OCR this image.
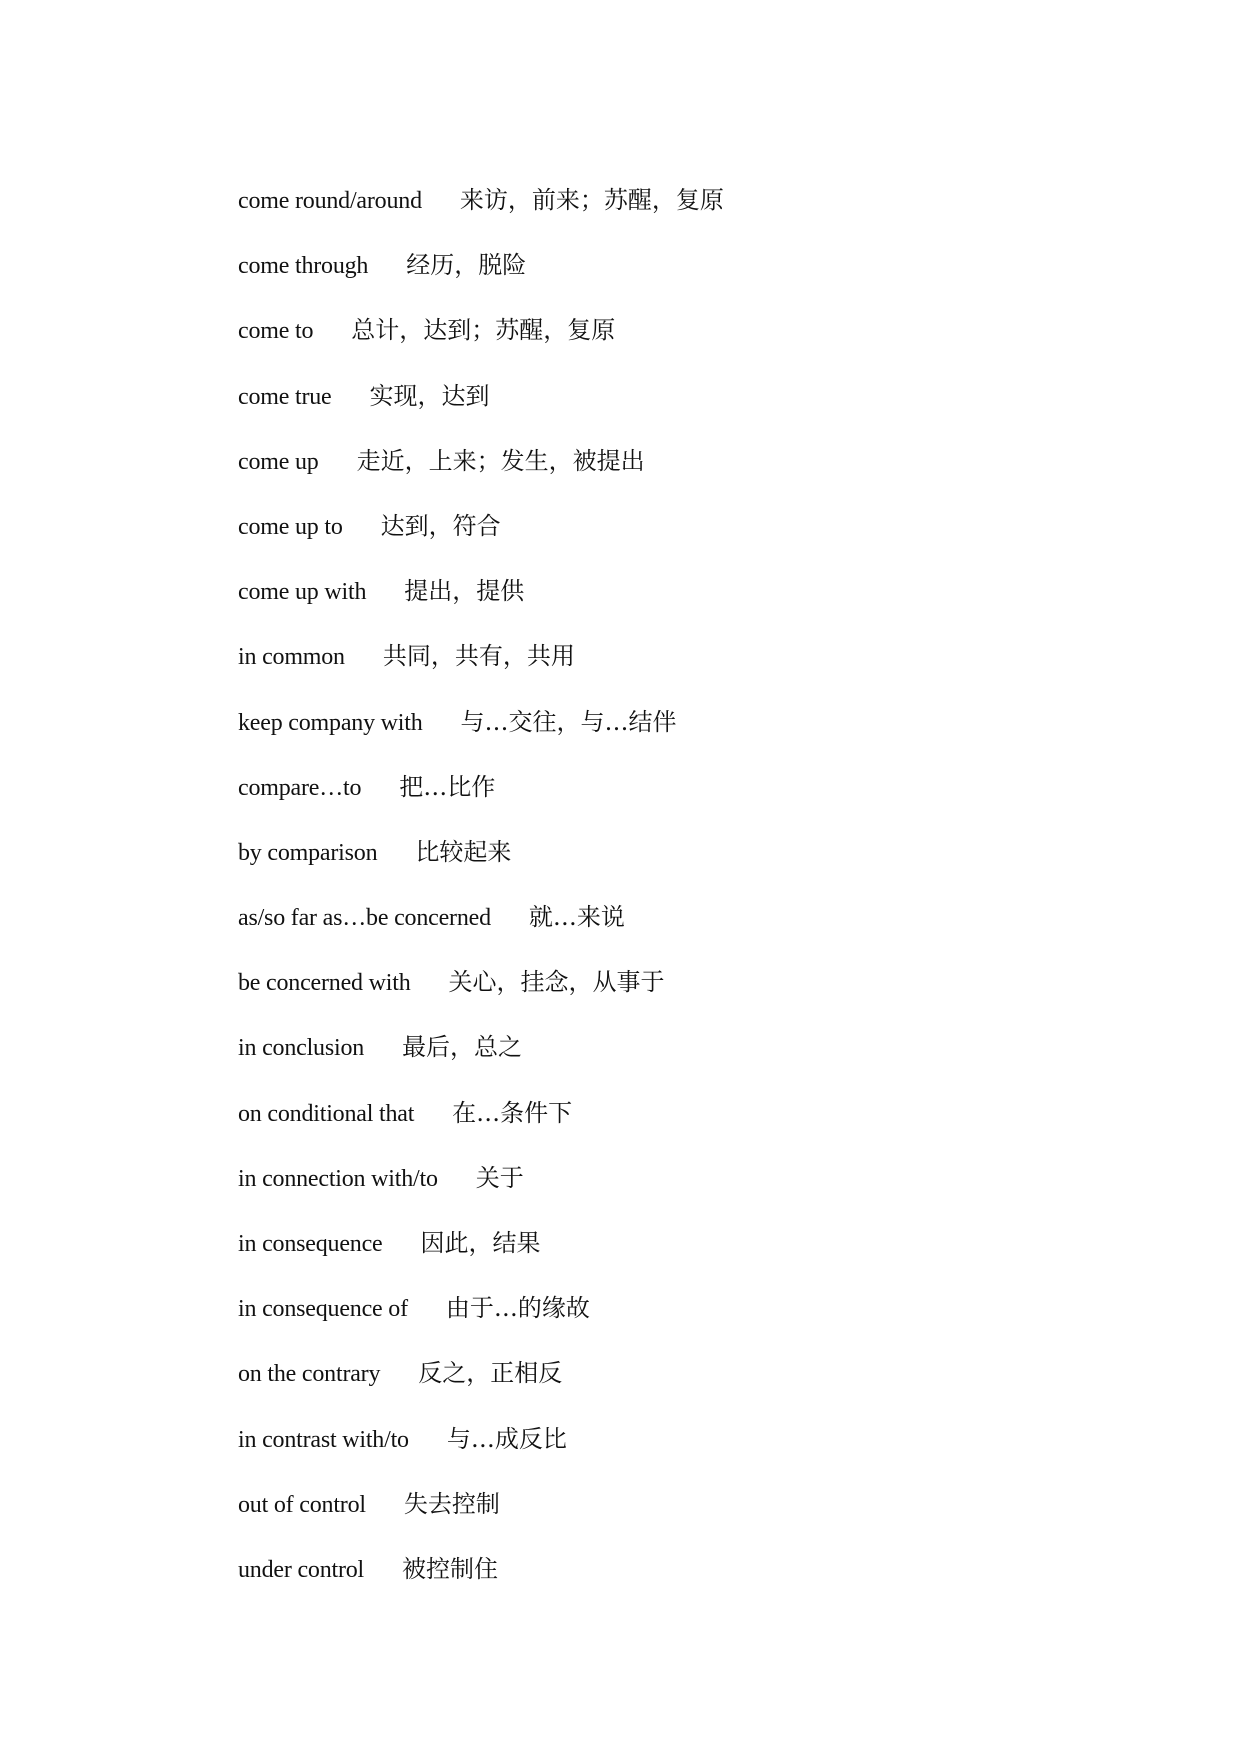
come round/around 来访，前来；苏醒，复原
come through 经历，脱险
come to 总计，达到；苏醒，复原
come true 实现，达到
come up 走近，上来；发生，被提出
come up to 达到，符合
come up with 提出，提供
in common 共同，共有，共用
keep company with 与…交往，与…结伴
compare…to 把…比作
by comparison 比较起来
as/so far as…be concerned 就…来说
be concerned with 关心，挂念，从事于
in conclusion 最后，总之
on conditional that 在…条件下
in connection with/to 关于
in consequence 因此，结果
in consequence of 由于…的缘故
on the contrary 反之，正相反
in contrast with/to 与…成反比
out of control 失去控制
under control 被控制住
